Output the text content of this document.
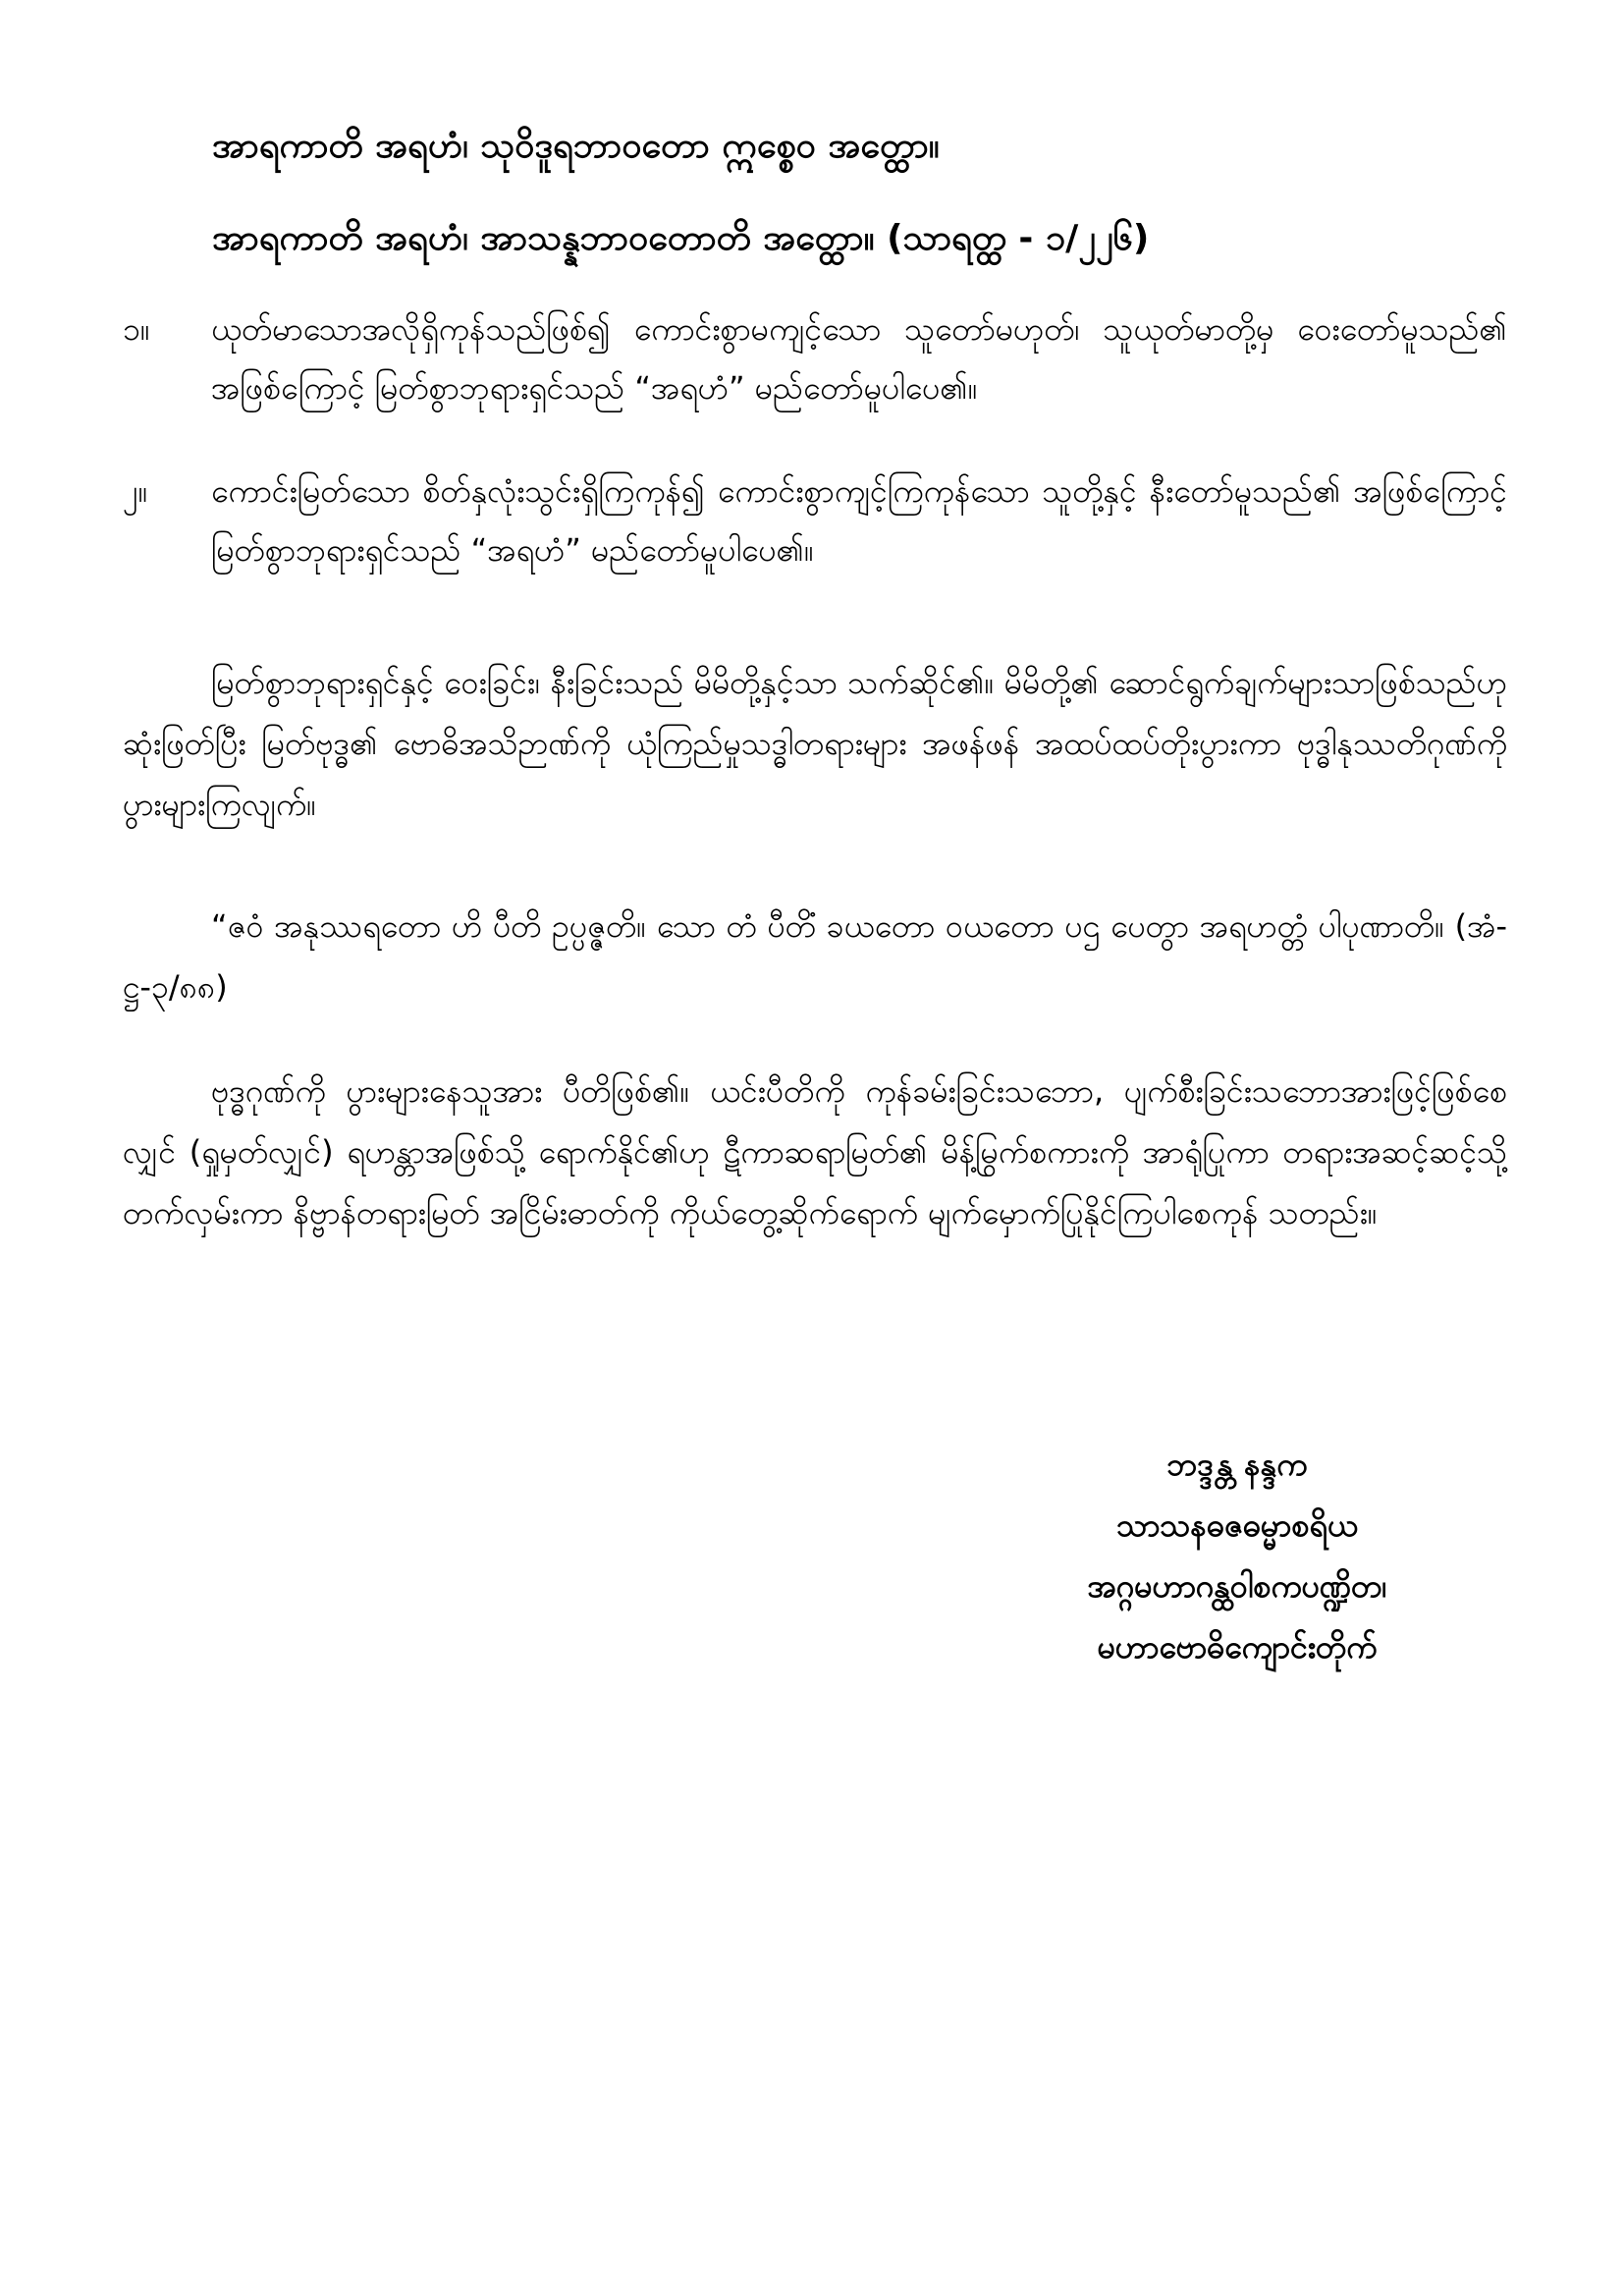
အာရကာတိ အရဟံ၊ သုဝိဒူရဘာဝတော ဣစ္စေဝ အတ္ထော။
အာရကာတိ အရဟံ၊ အာသန္နဘာဝတောတိ အတ္ထော။ (သာရတ္ထ - ၁/၂၂၆)
၁။	ယုတ်မာသောအလိုရှိကုန်သည်ဖြစ်၍ ကောင်းစွာမကျင့်သော သူတော်မဟုတ်၊ သူယုတ်မာတို့မှ ဝေးတော်မူသည်၏ အဖြစ်ကြောင့် မြတ်စွာဘုရားရှင်သည် “အရဟံ” မည်တော်မူပါပေ၏။
၂။	ကောင်းမြတ်သော စိတ်နှလုံးသွင်းရှိကြကုန်၍ ကောင်းစွာကျင့်ကြကုန်သော သူတို့နှင့် နီးတော်မူသည်၏ အဖြစ်ကြောင့် မြတ်စွာဘုရားရှင်သည် “အရဟံ” မည်တော်မူပါပေ၏။

မြတ်စွာဘုရားရှင်နှင့် ဝေးခြင်း၊ နီးခြင်းသည် မိမိတို့နှင့်သာ သက်ဆိုင်၏။ မိမိတို့၏ ဆောင်ရွက်ချက်များသာဖြစ်သည်ဟု ဆုံးဖြတ်ပြီး မြတ်ဗုဒ္ဓ၏ ဗောဓိအသိဉာဏ်ကို ယုံကြည်မှုသဒ္ဓါတရားများ အဖန်ဖန် အထပ်ထပ်တိုးပွားကာ ဗုဒ္ဓါနုဿတိဂုဏ်ကို ပွားများကြလျက်။

“ဇဝံ အနုဿရတော ဟိ ပီတိ ဥပ္ပဇ္ဇတိ။ သော တံ ပီတိံ ခယတော ဝယတော ပဌ ပေတွာ အရဟတ္တံ ပါပုဏာတိ။ (အံ-ဋ္ဌ-၃/၈၈)

ဗုဒ္ဓဂုဏ်ကို ပွားများနေသူအား ပီတိဖြစ်၏။ ယင်းပီတိကို ကုန်ခမ်းခြင်းသဘော, ပျက်စီးခြင်းသဘောအားဖြင့်ဖြစ်စေလျှင် (ရှုမှတ်လျှင်) ရဟန္တာအဖြစ်သို့ ရောက်နိုင်၏ဟု ဋီကာဆရာမြတ်၏ မိန့်မြွက်စကားကို အာရုံပြုကာ တရားအဆင့်ဆင့်သို့ တက်လှမ်းကာ နိဗ္ဗာန်တရားမြတ် အငြိမ်းဓာတ်ကို ကိုယ်တွေ့ဆိုက်ရောက် မျက်မှောက်ပြုနိုင်ကြပါစေကုန် သတည်း။

ဘဒ္ဒန္တ နန္ဒက
သာသနဓဇဓမ္မာစရိယ
အဂ္ဂမဟာဂန္ထဝါစကပဏ္ဍိတ၊
မဟာဗောဓိကျောင်းတိုက်
